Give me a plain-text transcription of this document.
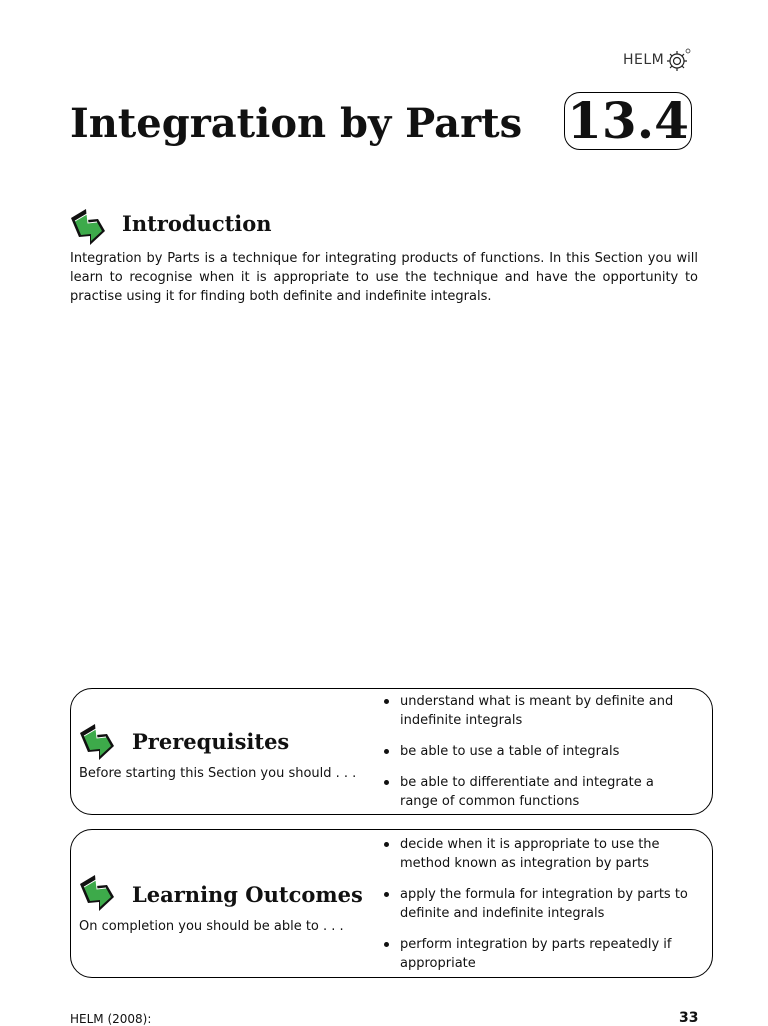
HELM
Integration by Parts 13.4
Introduction
Integration by Parts is a technique for integrating products of functions. In this Section you will learn to recognise when it is appropriate to use the technique and have the opportunity to practise using it for finding both definite and indefinite integrals.
Prerequisites
Before starting this Section you should . . .
understand what is meant by definite and indefinite integrals
be able to use a table of integrals
be able to differentiate and integrate a range of common functions
Learning Outcomes
On completion you should be able to . . .
decide when it is appropriate to use the method known as integration by parts
apply the formula for integration by parts to definite and indefinite integrals
perform integration by parts repeatedly if appropriate
HELM (2008):	33
